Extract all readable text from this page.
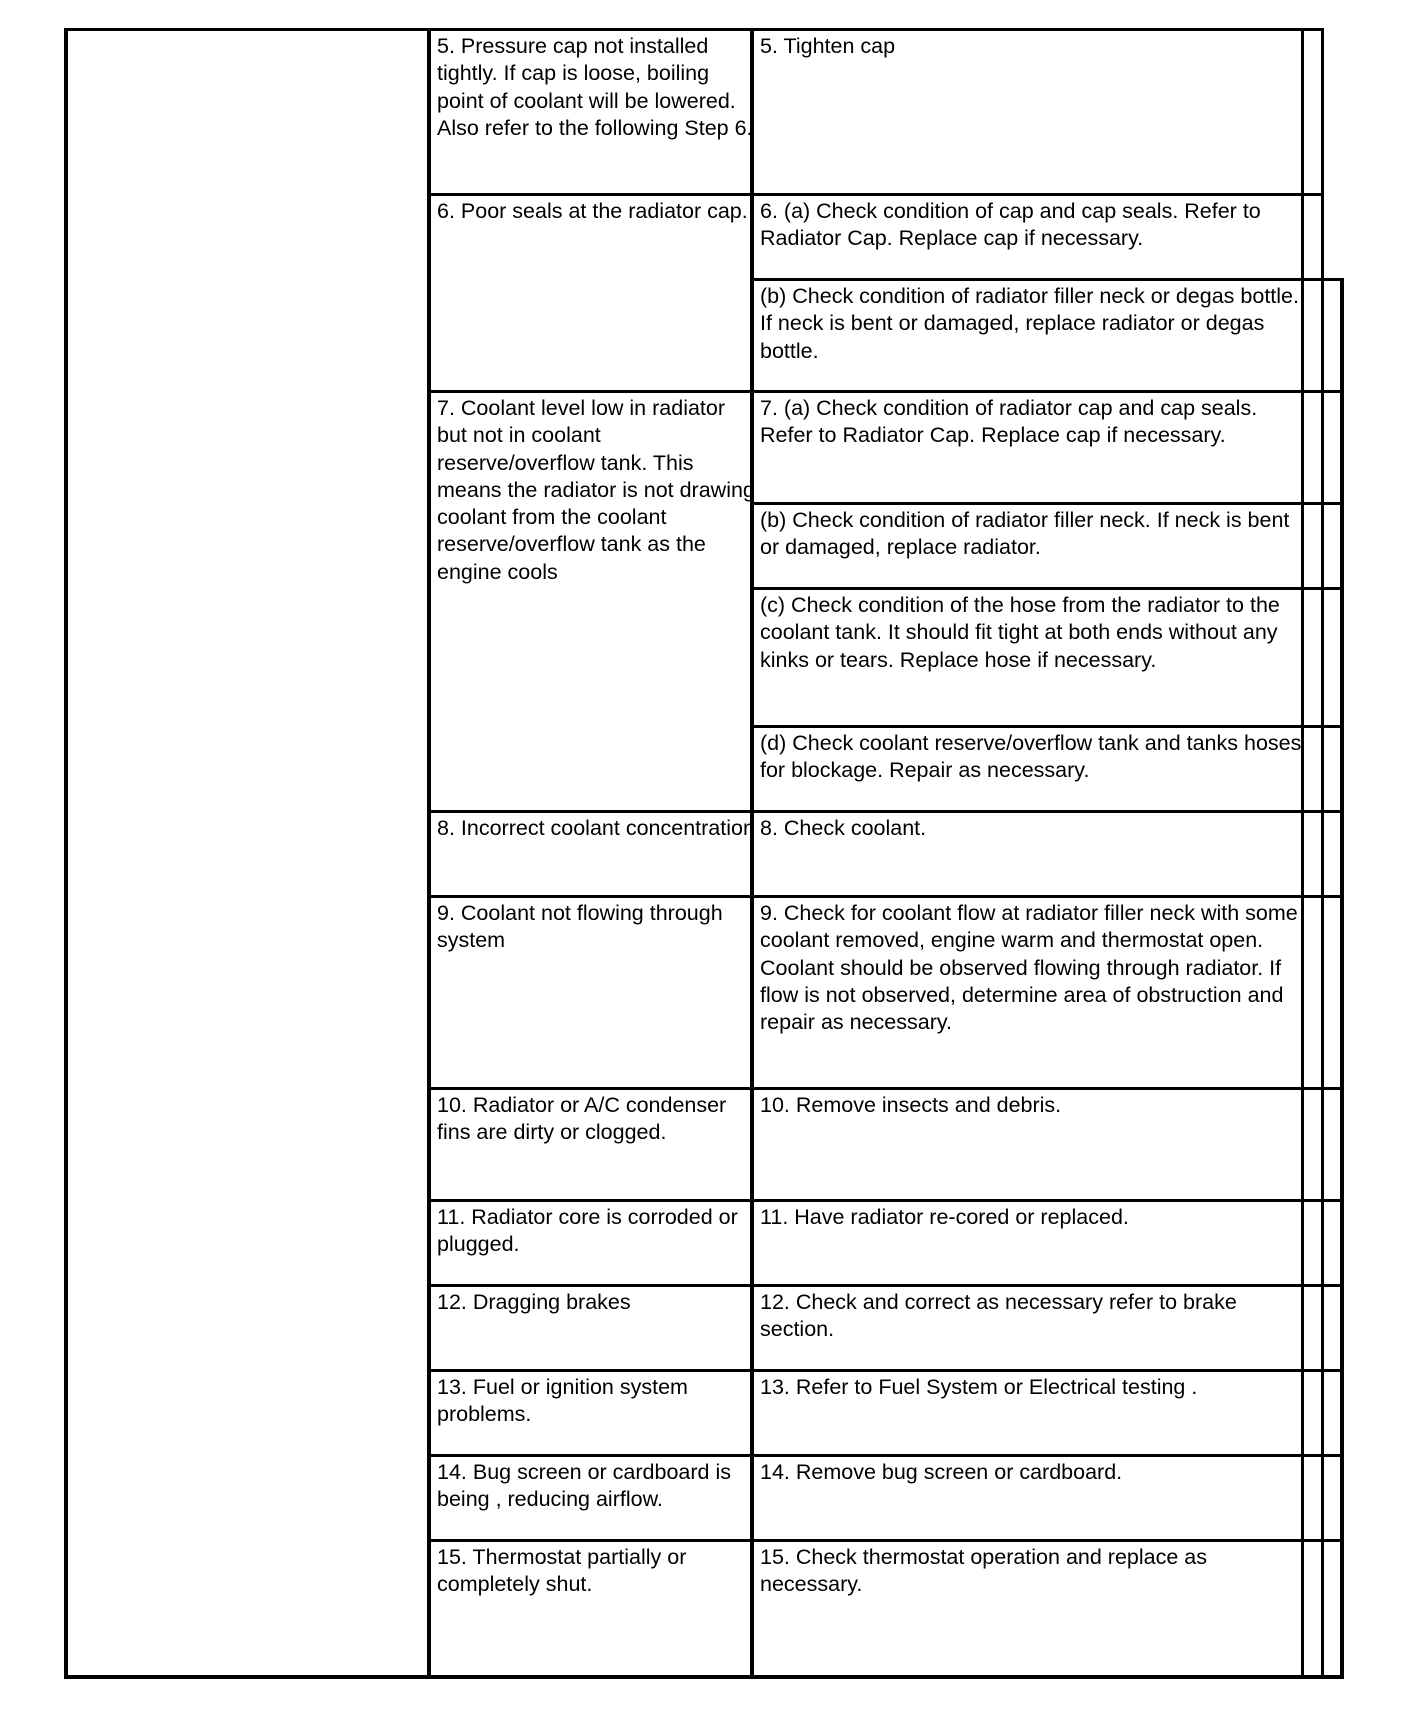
5. Pressure cap not installed tightly. If cap is loose, boiling point of coolant will be lowered. Also refer to the following Step 6.
5. Tighten cap
6. Poor seals at the radiator cap. 6. (a) Check condition of cap and cap seals. Refer to Radiator Cap. Replace cap if necessary.
(b) Check condition of radiator filler neck or degas bottle. If neck is bent or damaged, replace radiator or degas bottle.
7. Coolant level low in radiator but not in coolant reserve/overflow tank. This means the radiator is not drawing coolant from the coolant reserve/overflow tank as the engine cools
7. (a) Check condition of radiator cap and cap seals. Refer to Radiator Cap. Replace cap if necessary.
(b) Check condition of radiator filler neck. If neck is bent or damaged, replace radiator.
(c) Check condition of the hose from the radiator to the coolant tank. It should fit tight at both ends without any kinks or tears. Replace hose if necessary.
(d) Check coolant reserve/overflow tank and tanks hoses for blockage. Repair as necessary.
8. Incorrect coolant concentration 8. Check coolant.
9. Coolant not flowing through system
9. Check for coolant flow at radiator filler neck with some coolant removed, engine warm and thermostat open. Coolant should be observed flowing through radiator. If flow is not observed, determine area of obstruction and repair as necessary.
10. Radiator or A/C condenser fins are dirty or clogged.
10. Remove insects and debris.
11. Radiator core is corroded or plugged.
11. Have radiator re-cored or replaced.
12. Dragging brakes	12. Check and correct as necessary refer to brake section.
13. Fuel or ignition system problems.
13. Refer to Fuel System or Electrical testing .
14. Bug screen or cardboard is being , reducing airflow.
14. Remove bug screen or cardboard.
15. Thermostat partially or completely shut.
15. Check thermostat operation and replace as necessary.
